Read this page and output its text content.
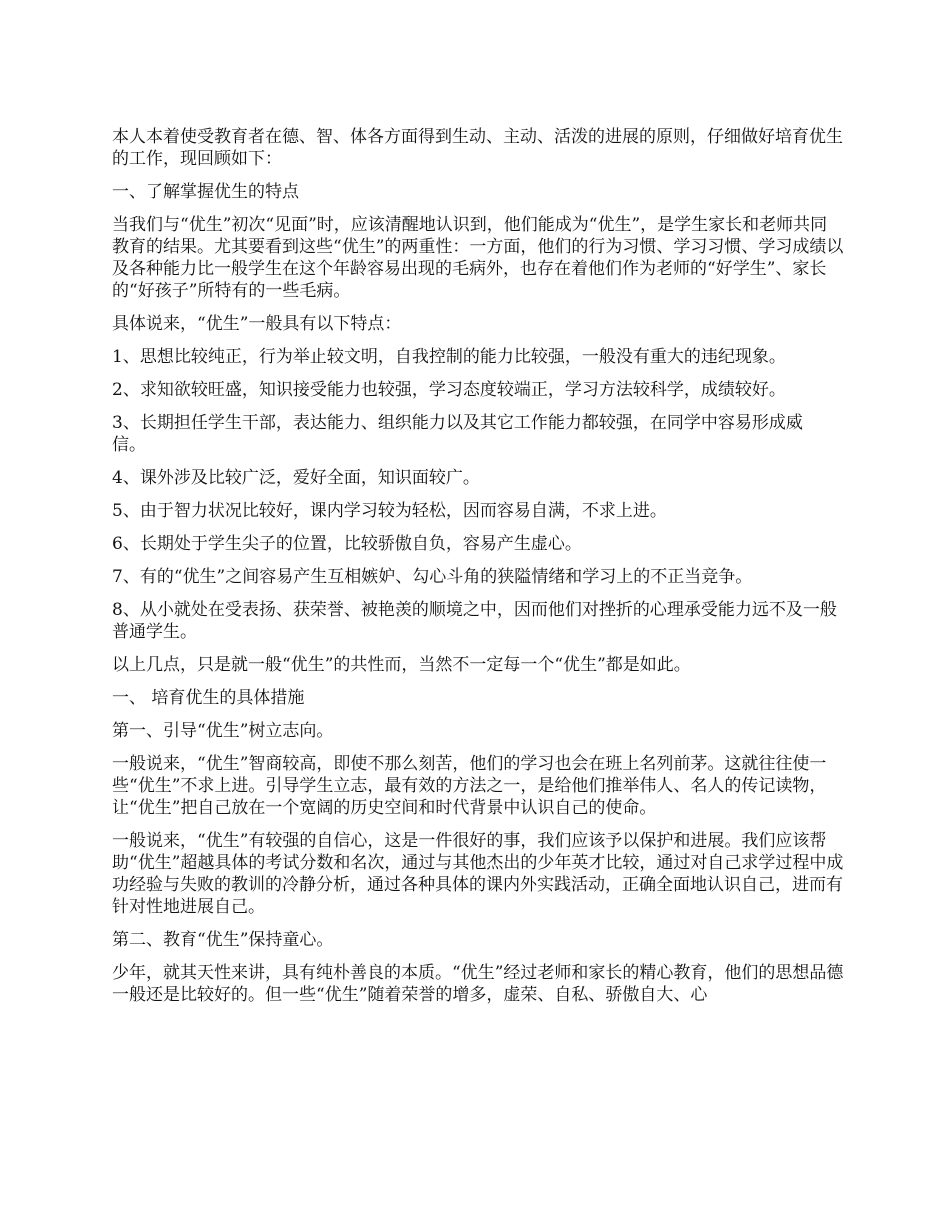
本人本着使受教育者在德、智、体各方面得到生动、主动、活泼的进展的原则，仔细做好培育优生的工作，现回顾如下：

一、了解掌握优生的特点

当我们与“优生”初次“见面”时，应该清醒地认识到，他们能成为“优生”，是学生家长和老师共同教育的结果。尤其要看到这些“优生”的两重性：一方面，他们的行为习惯、学习习惯、学习成绩以及各种能力比一般学生在这个年龄容易出现的毛病外，也存在着他们作为老师的“好学生”、家长的“好孩子”所特有的一些毛病。

具体说来，“优生”一般具有以下特点：

1、思想比较纯正，行为举止较文明，自我控制的能力比较强，一般没有重大的违纪现象。

2、求知欲较旺盛，知识接受能力也较强，学习态度较端正，学习方法较科学，成绩较好。

3、长期担任学生干部，表达能力、组织能力以及其它工作能力都较强，在同学中容易形成威信。

4、课外涉及比较广泛，爱好全面，知识面较广。

5、由于智力状况比较好，课内学习较为轻松，因而容易自满，不求上进。

6、长期处于学生尖子的位置，比较骄傲自负，容易产生虚心。

7、有的“优生”之间容易产生互相嫉妒、勾心斗角的狭隘情绪和学习上的不正当竞争。

8、从小就处在受表扬、获荣誉、被艳羡的顺境之中，因而他们对挫折的心理承受能力远不及一般普通学生。

以上几点，只是就一般“优生”的共性而，当然不一定每一个“优生”都是如此。

一、 培育优生的具体措施

第一、引导“优生”树立志向。

一般说来，“优生”智商较高，即使不那么刻苦，他们的学习也会在班上名列前茅。这就往往使一些“优生”不求上进。引导学生立志，最有效的方法之一，是给他们推举伟人、名人的传记读物，让“优生”把自己放在一个宽阔的历史空间和时代背景中认识自己的使命。

一般说来，“优生”有较强的自信心，这是一件很好的事，我们应该予以保护和进展。我们应该帮助“优生”超越具体的考试分数和名次，通过与其他杰出的少年英才比较，通过对自己求学过程中成功经验与失败的教训的冷静分析，通过各种具体的课内外实践活动，正确全面地认识自己，进而有针对性地进展自己。

第二、教育“优生”保持童心。

少年，就其天性来讲，具有纯朴善良的本质。“优生”经过老师和家长的精心教育，他们的思想品德一般还是比较好的。但一些“优生”随着荣誉的增多，虚荣、自私、骄傲自大、心
